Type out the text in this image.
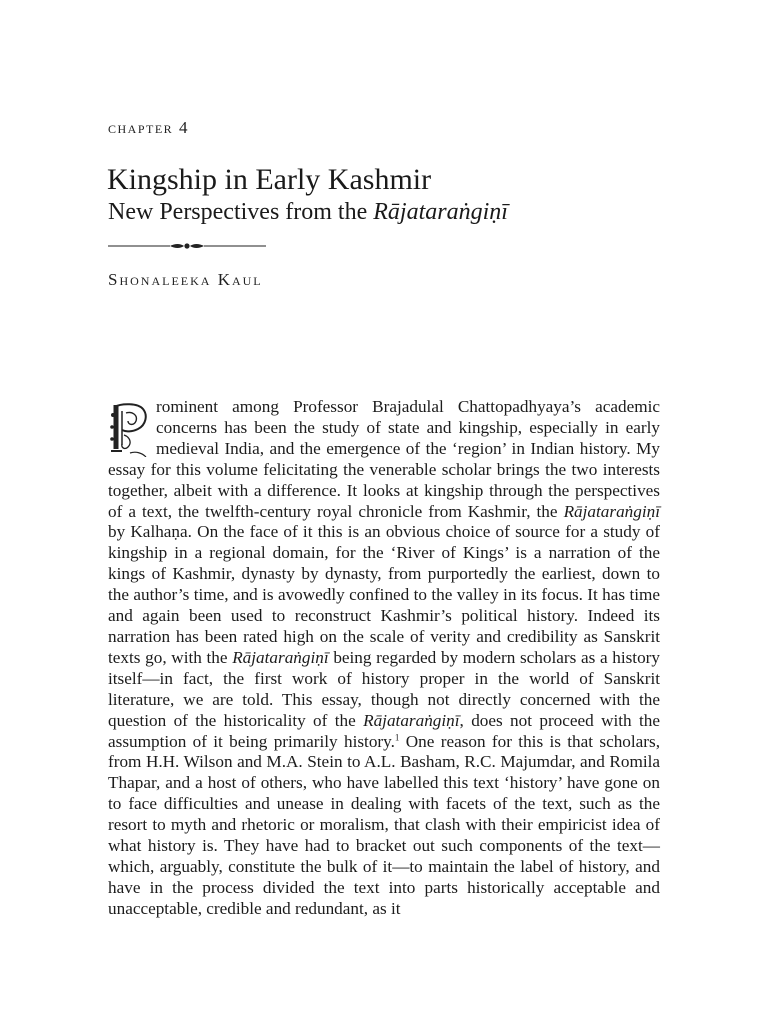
chapter 4
Kingship in Early Kashmir
New Perspectives from the Rājataraṅgiṇī
Shonaleeka Kaul
rominent among Professor Brajadulal Chattopadhyaya’s academic concerns has been the study of state and kingship, especially in early medieval India, and the emergence of the ‘region’ in Indian history. My essay for this volume felicitating the venerable scholar brings the two interests together, albeit with a difference. It looks at kingship through the perspectives of a text, the twelfth-century royal chronicle from Kashmir, the Rājataraṅgiṇī by Kalhaṇa. On the face of it this is an obvious choice of source for a study of kingship in a regional domain, for the ‘River of Kings’ is a narration of the kings of Kashmir, dynasty by dynasty, from purportedly the earliest, down to the author’s time, and is avowedly confined to the valley in its focus. It has time and again been used to reconstruct Kashmir’s political history. Indeed its narration has been rated high on the scale of verity and credibility as Sanskrit texts go, with the Rājataraṅgiṇī being regarded by modern scholars as a history itself—in fact, the first work of history proper in the world of Sanskrit literature, we are told. This essay, though not directly concerned with the question of the historicality of the Rājataraṅgiṇī, does not proceed with the assumption of it being primarily history.$^1$ One reason for this is that scholars, from H.H. Wilson and M.A. Stein to A.L. Basham, R.C. Majumdar, and Romila Thapar, and a host of others, who have labelled this text ‘history’ have gone on to face difficulties and unease in dealing with facets of the text, such as the resort to myth and rhetoric or moralism, that clash with their empiricist idea of what history is. They have had to bracket out such components of the text—which, arguably, constitute the bulk of it—to maintain the label of history, and have in the process divided the text into parts historically acceptable and unacceptable, credible and redundant, as it
